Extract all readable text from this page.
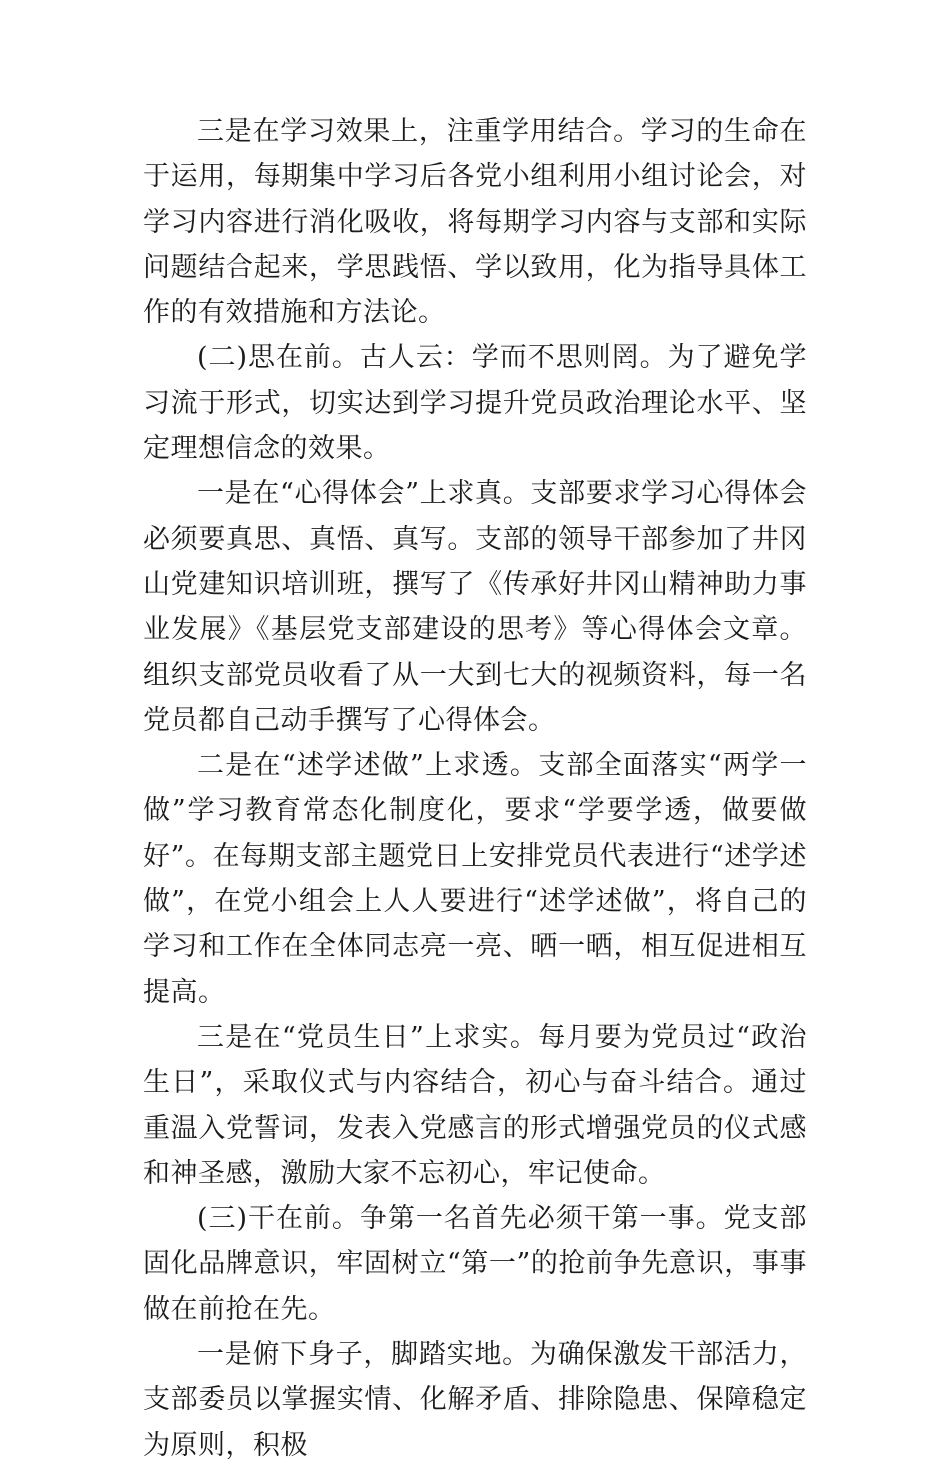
三是在学习效果上，注重学用结合。学习的生命在于运用，每期集中学习后各党小组利用小组讨论会，对学习内容进行消化吸收，将每期学习内容与支部和实际问题结合起来，学思践悟、学以致用，化为指导具体工作的有效措施和方法论。

(二)思在前。古人云：学而不思则罔。为了避免学习流于形式，切实达到学习提升党员政治理论水平、坚定理想信念的效果。

一是在“心得体会”上求真。支部要求学习心得体会必须要真思、真悟、真写。支部的领导干部参加了井冈山党建知识培训班，撰写了《传承好井冈山精神助力事业发展》《基层党支部建设的思考》等心得体会文章。组织支部党员收看了从一大到七大的视频资料，每一名党员都自己动手撰写了心得体会。

二是在“述学述做”上求透。支部全面落实“两学一做”学习教育常态化制度化，要求“学要学透，做要做好”。在每期支部主题党日上安排党员代表进行“述学述做”，在党小组会上人人要进行“述学述做”，将自己的学习和工作在全体同志亮一亮、晒一晒，相互促进相互提高。

三是在“党员生日”上求实。每月要为党员过“政治生日”，采取仪式与内容结合，初心与奋斗结合。通过重温入党誓词，发表入党感言的形式增强党员的仪式感和神圣感，激励大家不忘初心，牢记使命。

(三)干在前。争第一名首先必须干第一事。党支部固化品牌意识，牢固树立“第一”的抢前争先意识，事事做在前抢在先。

一是俯下身子，脚踏实地。为确保激发干部活力，支部委员以掌握实情、化解矛盾、排除隐患、保障稳定为原则，积极
